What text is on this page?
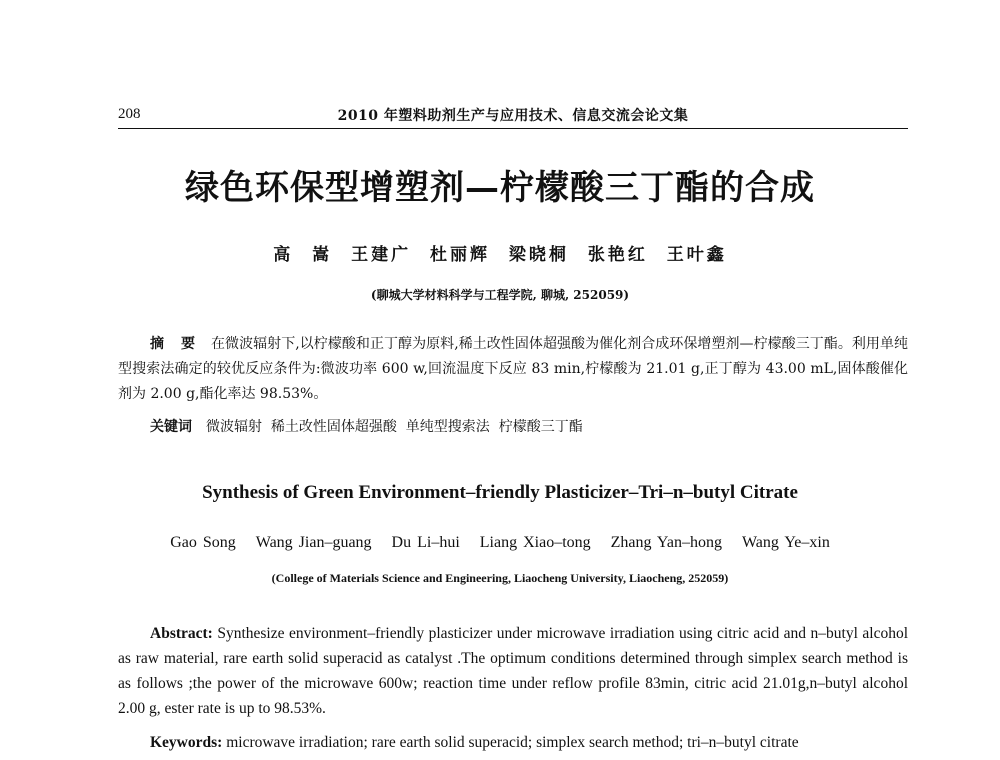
208	2010 年塑料助剂生产与应用技术、信息交流会论文集
绿色环保型增塑剂—柠檬酸三丁酯的合成
高 嵩 王建广 杜丽辉 梁晓桐 张艳红 王叶鑫
(聊城大学材料科学与工程学院, 聊城, 252059)
摘 要 在微波辐射下,以柠檬酸和正丁醇为原料,稀土改性固体超强酸为催化剂合成环保增塑剂—柠檬酸三丁酯。利用单纯型搜索法确定的较优反应条件为:微波功率 600 w,回流温度下反应 83 min,柠檬酸为 21.01 g,正丁醇为 43.00 mL,固体酸催化剂为 2.00 g,酯化率达 98.53%。
关键词 微波辐射  稀土改性固体超强酸  单纯型搜索法  柠檬酸三丁酯
Synthesis of Green Environment–friendly Plasticizer–Tri–n–butyl Citrate
Gao Song Wang Jian–guang Du Li–hui Liang Xiao–tong Zhang Yan–hong Wang Ye–xin
(College of Materials Science and Engineering, Liaocheng University, Liaocheng, 252059)
Abstract: Synthesize environment–friendly plasticizer under microwave irradiation using citric acid and n–butyl alcohol as raw material, rare earth solid superacid as catalyst .The optimum conditions determined through simplex search method is as follows ;the power of the microwave 600w; reaction time under reflow profile 83min, citric acid 21.01g,n–butyl alcohol 2.00 g, ester rate is up to 98.53%.
Keywords: microwave irradiation; rare earth solid superacid; simplex search method; tri–n–butyl citrate
